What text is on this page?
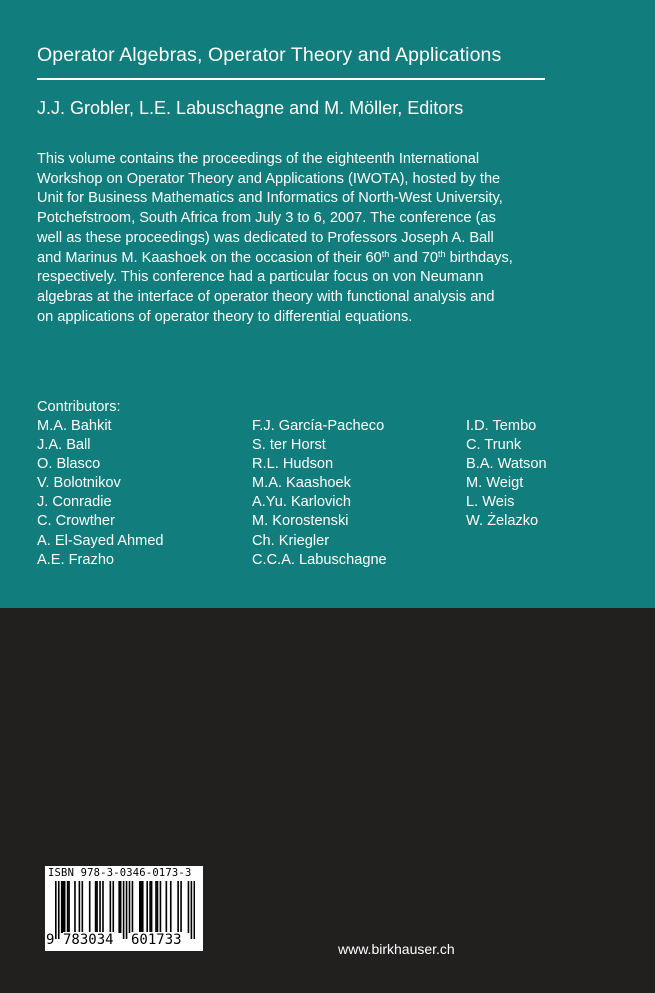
Operator Algebras, Operator Theory and Applications
J.J. Grobler, L.E. Labuschagne and M. Möller, Editors
This volume contains the proceedings of the eighteenth International
Workshop on Operator Theory and Applications (IWOTA), hosted by the
Unit for Business Mathematics and Informatics of North-West University,
Potchefstroom, South Africa from July 3 to 6, 2007. The conference (as
well as these proceedings) was dedicated to Professors Joseph A. Ball
and Marinus M. Kaashoek on the occasion of their 60th and 70th birthdays,
respectively. This conference had a particular focus on von Neumann
algebras at the interface of operator theory with functional analysis and
on applications of operator theory to differential equations.
Contributors:
M.A. Bahkit
J.A. Ball
O. Blasco
V. Bolotnikov
J. Conradie
C. Crowther
A. El-Sayed Ahmed
A.E. Frazho
F.J. García-Pacheco
S. ter Horst
R.L. Hudson
M.A. Kaashoek
A.Yu. Karlovich
M. Korostenski
Ch. Kriegler
C.C.A. Labuschagne
I.D. Tembo
C. Trunk
B.A. Watson
M. Weigt
L. Weis
W. Żelazko
ISBN 978-3-0346-0173-3
9 783034 601733
www.birkhauser.ch
